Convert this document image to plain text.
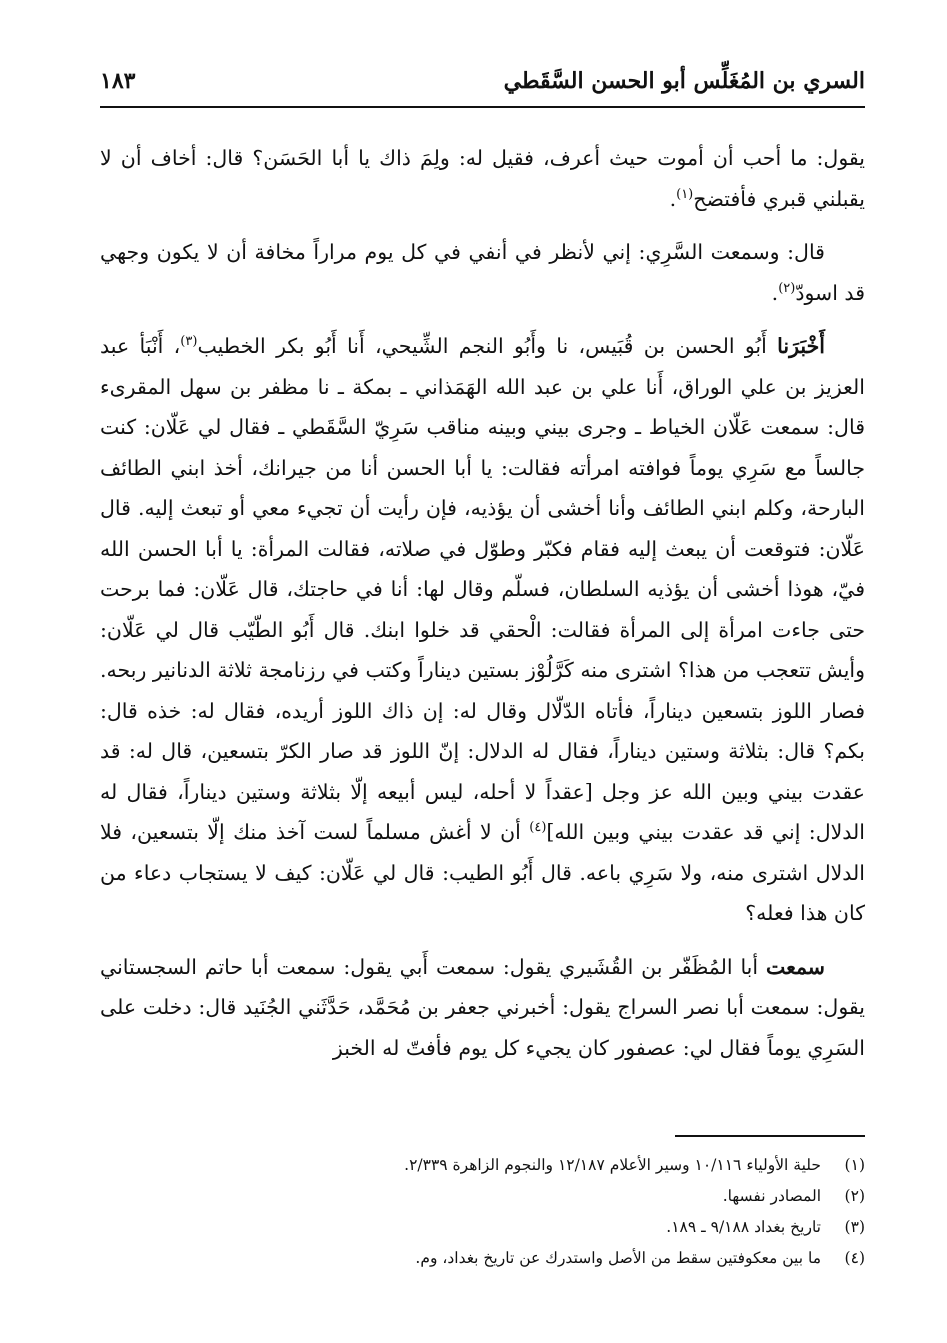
السري بن المُغَلِّس أبو الحسن السَّقَطي
١٨٣

يقول: ما أحب أن أموت حيث أعرف، فقيل له: ولِمَ ذاك يا أبا الحَسَن؟ قال: أخاف أن لا يقبلني قبري فأفتضح$^{(١)}$.

قال: وسمعت السَّرِي: إني لأنظر في أنفي في كل يوم مراراً مخافة أن لا يكون وجهي قد اسودّ$^{(٢)}$.

أَخْبَرَنا أَبُو الحسن بن قُبَيس، نا وأَبُو النجم الشِّيحي، أَنا أَبُو بكر الخطيب$^{(٣)}$، أَنْبَأ عبد العزيز بن علي الوراق، أَنا علي بن عبد الله الهَمَذاني ـ بمكة ـ نا مظفر بن سهل المقرىء قال: سمعت عَلّان الخياط ـ وجرى بيني وبينه مناقب سَرِيّ السَّقَطي ـ فقال لي عَلّان: كنت جالساً مع سَرِي يوماً فوافته امرأته فقالت: يا أبا الحسن أنا من جيرانك، أخذ ابني الطائف البارحة، وكلم ابني الطائف وأنا أخشى أن يؤذيه، فإن رأيت أن تجيء معي أو تبعث إليه. قال عَلّان: فتوقعت أن يبعث إليه فقام فكبّر وطوّل في صلاته، فقالت المرأة: يا أبا الحسن الله فيّ، هوذا أخشى أن يؤذيه السلطان، فسلّم وقال لها: أنا في حاجتك، قال عَلّان: فما برحت حتى جاءت امرأة إلى المرأة فقالت: الْحقي قد خلوا ابنك. قال أَبُو الطّيّب قال لي عَلّان: وأيش تتعجب من هذا؟ اشترى منه كَرَّلُوْز بستين ديناراً وكتب في رزنامجة ثلاثة الدنانير ربحه. فصار اللوز بتسعين ديناراً، فأتاه الدّلّال وقال له: إن ذاك اللوز أريده، فقال له: خذه قال: بكم؟ قال: بثلاثة وستين ديناراً، فقال له الدلال: إنّ اللوز قد صار الكرّ بتسعين، قال له: قد عقدت بيني وبين الله عز وجل [عقداً لا أحله، ليس أبيعه إلّا بثلاثة وستين ديناراً، فقال له الدلال: إني قد عقدت بيني وبين الله]$^{(٤)}$ أن لا أغش مسلماً لست آخذ منك إلّا بتسعين، فلا الدلال اشترى منه، ولا سَرِي باعه. قال أَبُو الطيب: قال لي عَلّان: كيف لا يستجاب دعاء من كان هذا فعله؟

سمعت أبا المُظَفّر بن القُشَيري يقول: سمعت أَبي يقول: سمعت أبا حاتم السجستاني يقول: سمعت أبا نصر السراج يقول: أخبرني جعفر بن مُحَمَّد، حَدَّثَني الجُنَيد قال: دخلت على السَرِي يوماً فقال لي: عصفور كان يجيء كل يوم فأفتّ له الخبز

(١)
حلية الأولياء ١٠/١١٦ وسير الأعلام ١٢/١٨٧ والنجوم الزاهرة ٢/٣٣٩.
(٢)
المصادر نفسها.
(٣)
تاريخ بغداد ٩/١٨٨ ـ ١٨٩.
(٤)
ما بين معكوفتين سقط من الأصل واستدرك عن تاريخ بغداد، وم.
